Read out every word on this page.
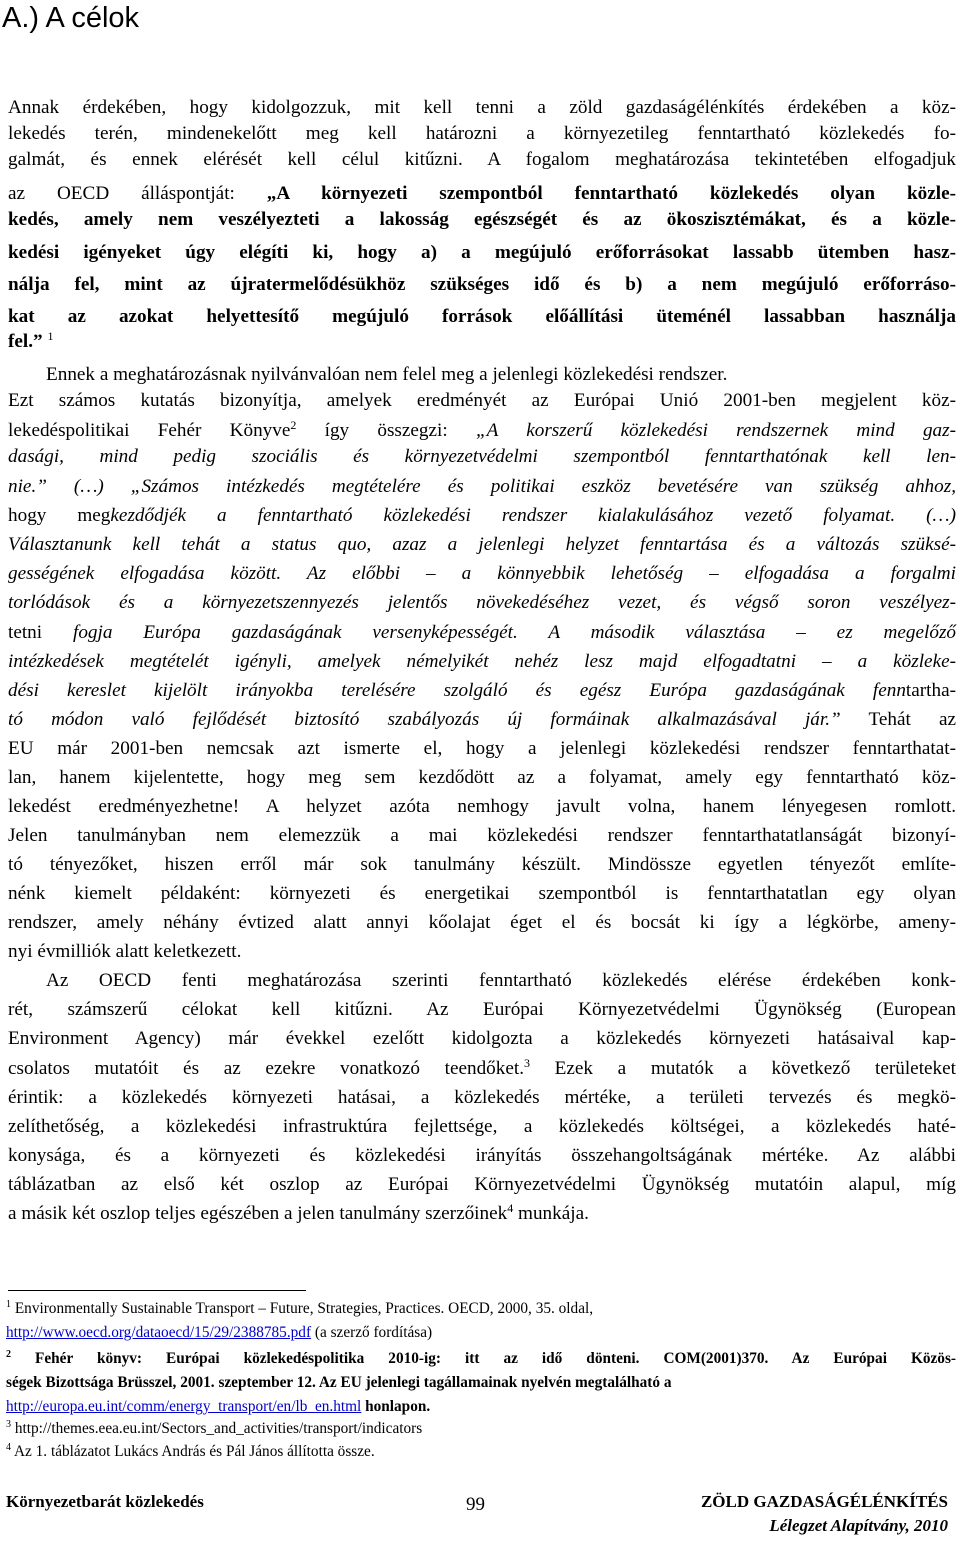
A.) A célok
Annak érdekében, hogy kidolgozzuk, mit kell tenni a zöld gazdaságélénkítés érdekében a köz-
lekedés terén, mindenekelőtt meg kell határozni a környezetileg fenntartható közlekedés fo-
galmát, és ennek elérését kell célul kitűzni. A fogalom meghatározása tekintetében elfogadjuk
az OECD álláspontját: „A környezeti szempontból fenntartható közlekedés olyan közle-
kedés, amely nem veszélyezteti a lakosság egészségét és az ökoszisztémákat, és a közle-
kedési igényeket úgy elégíti ki, hogy a) a megújuló erőforrásokat lassabb ütemben hasz-
nálja fel, mint az újratermelődésükhöz szükséges idő és b) a nem megújuló erőforráso-
kat az azokat helyettesítő megújuló források előállítási üteménél lassabban használja
fel.” $^1$
Ennek a meghatározásnak nyilvánvalóan nem felel meg a jelenlegi közlekedési rendszer.
Ezt számos kutatás bizonyítja, amelyek eredményét az Európai Unió 2001-ben megjelent köz-
lekedéspolitikai Fehér Könyve$^2$ így összegzi: „A korszerű közlekedési rendszernek mind gaz-
dasági, mind pedig szociális és környezetvédelmi szempontból fenntarthatónak kell len-
nie.” (…) „Számos intézkedés megtételére és politikai eszköz bevetésére van szükség ahhoz,
hogy megkezdődjék a fenntartható közlekedési rendszer kialakulásához vezető folyamat. (…)
Választanunk kell tehát a status quo, azaz a jelenlegi helyzet fenntartása és a változás szüksé-
gességének elfogadása között. Az előbbi – a könnyebbik lehetőség – elfogadása a forgalmi
torlódások és a környezetszennyezés jelentős növekedéséhez vezet, és végső soron veszélyez-
tetni fogja Európa gazdaságának versenyképességét. A második választása – ez megelőző
intézkedések megtételét igényli, amelyek némelyikét nehéz lesz majd elfogadtatni – a közleke-
dési kereslet kijelölt irányokba terelésére szolgáló és egész Európa gazdaságának fenntartha-
tó módon való fejlődését biztosító szabályozás új formáinak alkalmazásával jár.” Tehát az
EU már 2001-ben nemcsak azt ismerte el, hogy a jelenlegi közlekedési rendszer fenntarthatat-
lan, hanem kijelentette, hogy meg sem kezdődött az a folyamat, amely egy fenntartható köz-
lekedést eredményezhetne! A helyzet azóta nemhogy javult volna, hanem lényegesen romlott.
Jelen tanulmányban nem elemezzük a mai közlekedési rendszer fenntarthatatlanságát bizonyí-
tó tényezőket, hiszen erről már sok tanulmány készült. Mindössze egyetlen tényezőt említe-
nénk kiemelt példaként: környezeti és energetikai szempontból is fenntarthatatlan egy olyan
rendszer, amely néhány évtized alatt annyi kőolajat éget el és bocsát ki így a légkörbe, ameny-
nyi évmilliók alatt keletkezett.
Az OECD fenti meghatározása szerinti fenntartható közlekedés elérése érdekében konk-
rét, számszerű célokat kell kitűzni. Az Európai Környezetvédelmi Ügynökség (European
Environment Agency) már évekkel ezelőtt kidolgozta a közlekedés környezeti hatásaival kap-
csolatos mutatóit és az ezekre vonatkozó teendőket.$^3$ Ezek a mutatók a következő területeket
érintik: a közlekedés környezeti hatásai, a közlekedés mértéke, a területi tervezés és megkö-
zelíthetőség, a közlekedési infrastruktúra fejlettsége, a közlekedés költségei, a közlekedés haté-
konysága, és a környezeti és közlekedési irányítás összehangoltságának mértéke. Az alábbi
táblázatban az első két oszlop az Európai Környezetvédelmi Ügynökség mutatóin alapul, míg
a másik két oszlop teljes egészében a jelen tanulmány szerzőinek$^4$ munkája.
$^1$ Environmentally Sustainable Transport – Future, Strategies, Practices. OECD, 2000, 35. oldal,
http://www.oecd.org/dataoecd/15/29/2388785.pdf (a szerző fordítása)
$^2$ Fehér könyv: Európai közlekedéspolitika 2010-ig: itt az idő dönteni. COM(2001)370. Az Európai Közös-
ségek Bizottsága Brüsszel, 2001. szeptember 12. Az EU jelenlegi tagállamainak nyelvén megtalálható a
http://europa.eu.int/comm/energy_transport/en/lb_en.html honlapon.
$^3$ http://themes.eea.eu.int/Sectors_and_activities/transport/indicators
$^4$ Az 1. táblázatot Lukács András és Pál János állította össze.
Környezetbarát közlekedés	99	ZÖLD GAZDASÁGÉLÉNKÍTÉS
Lélegzet Alapítvány, 2010
